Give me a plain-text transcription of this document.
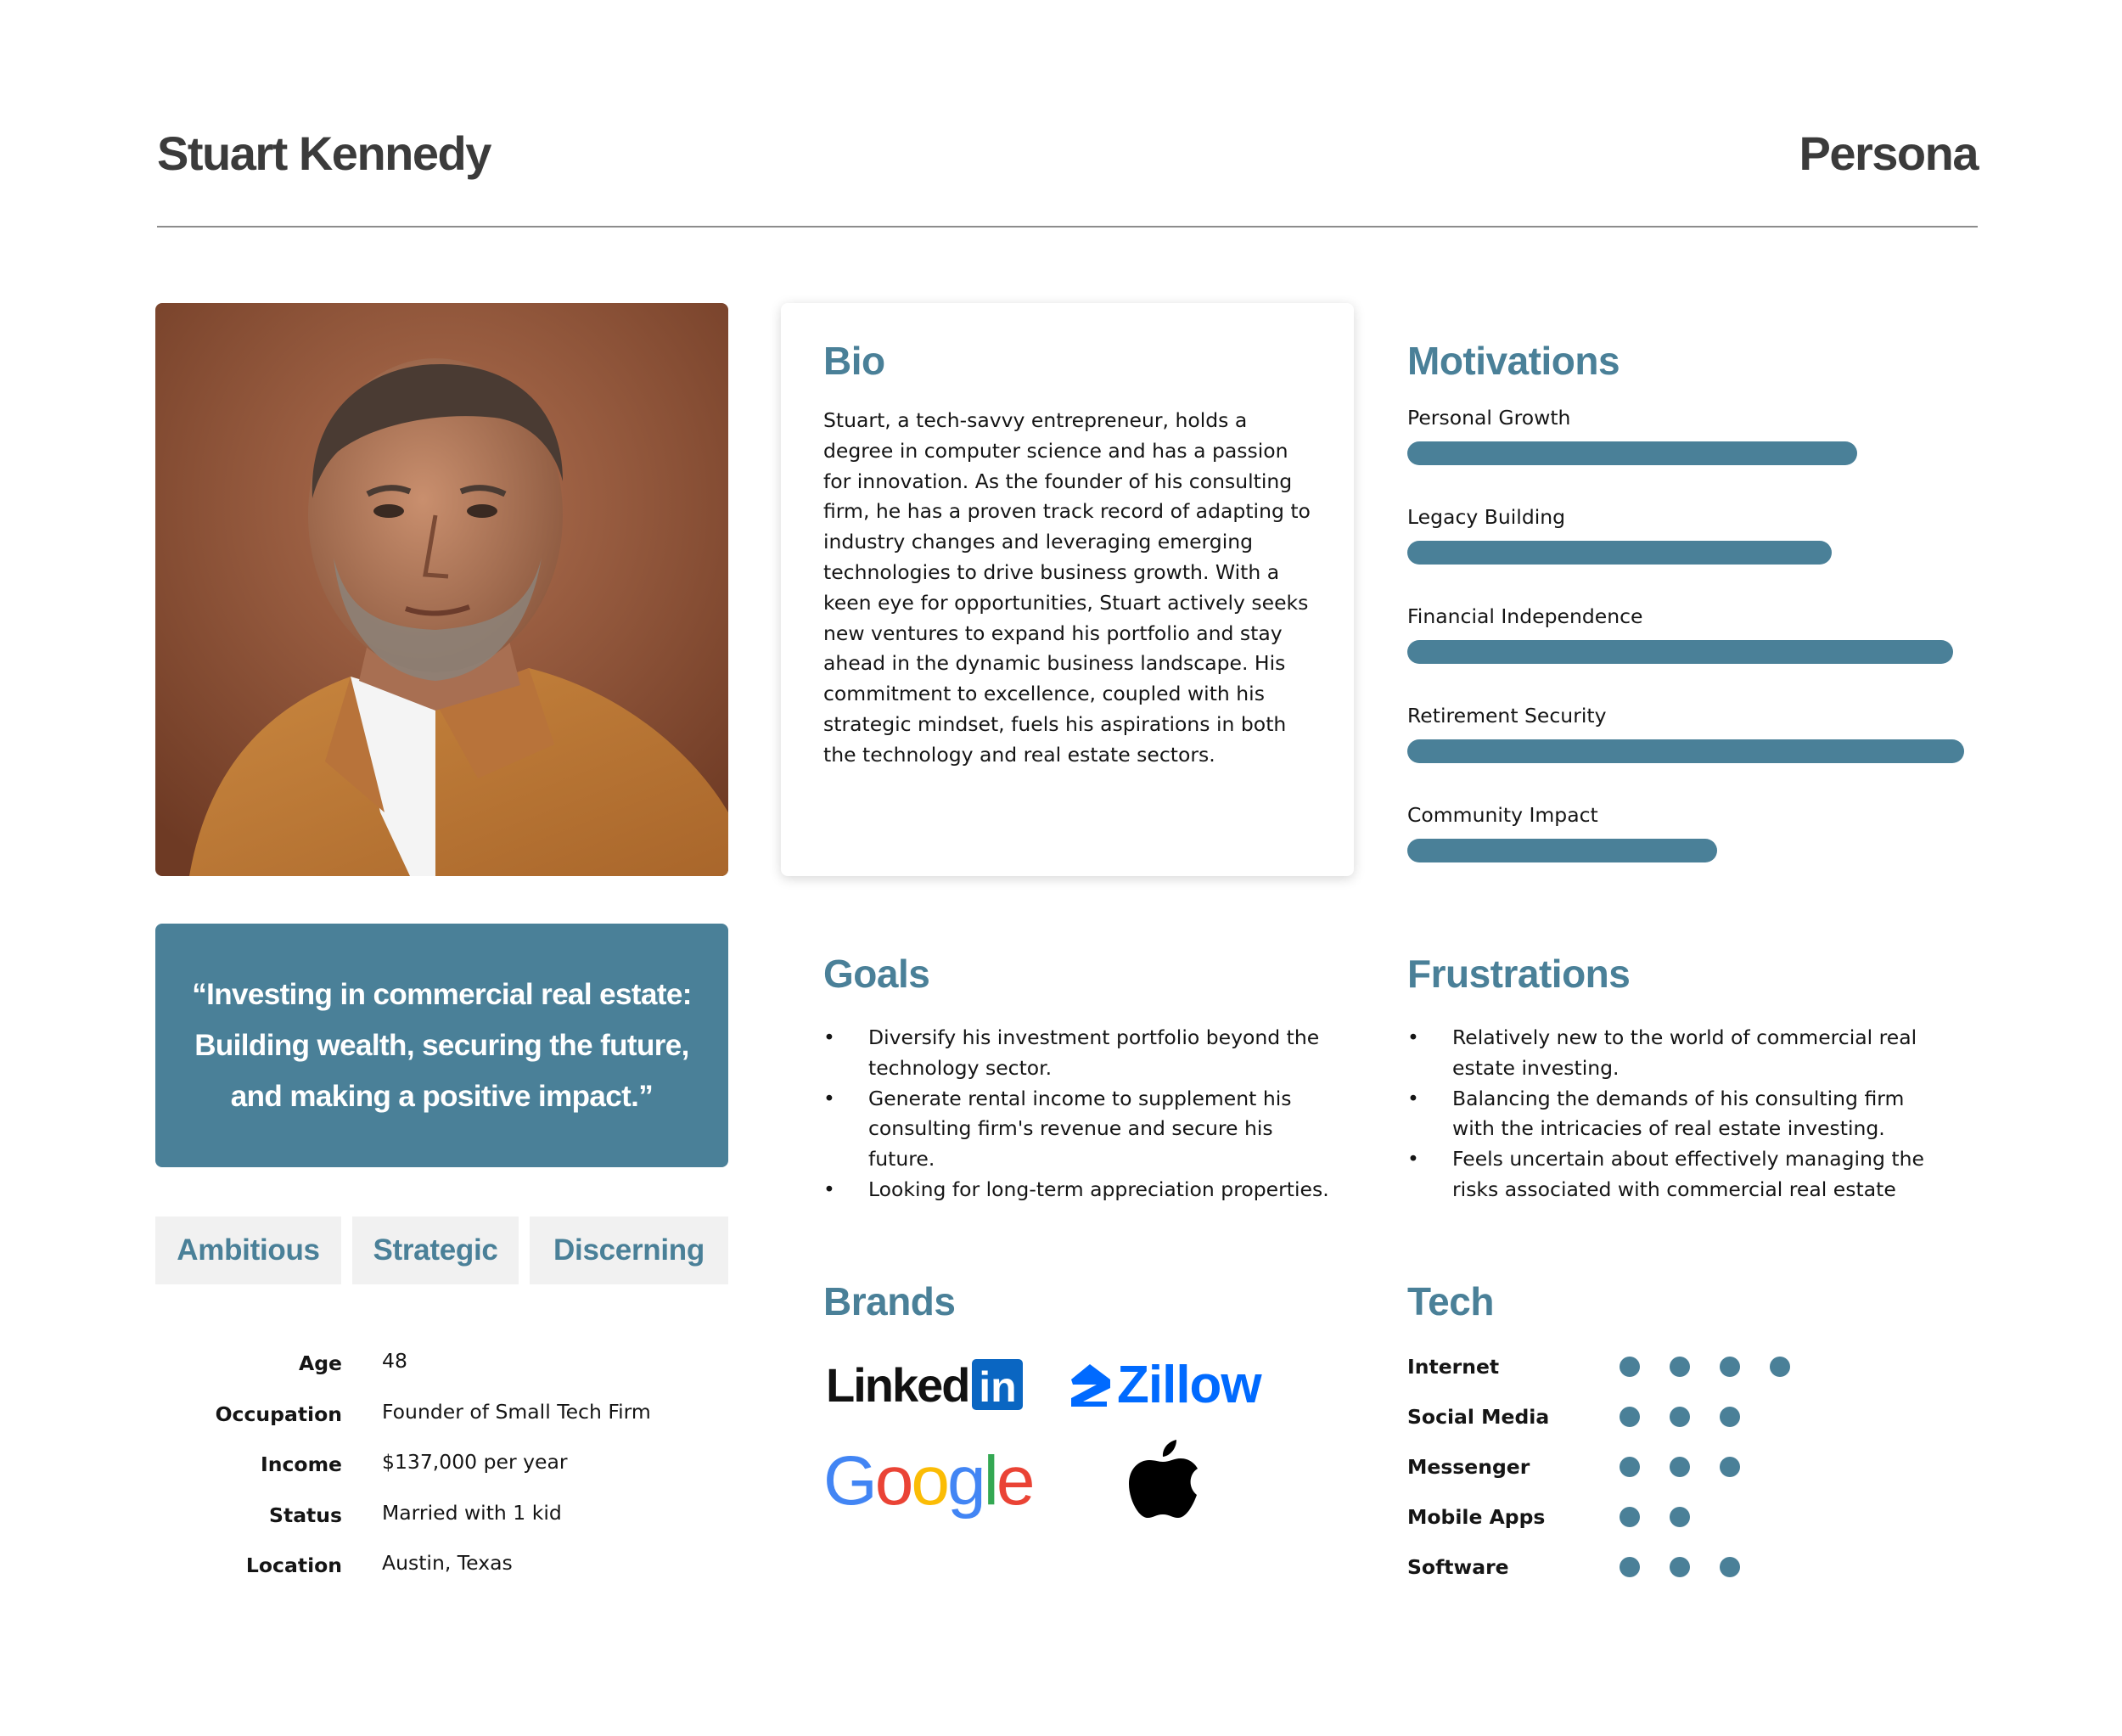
Stuart Kennedy	Persona
Bio
Stuart, a tech-savvy entrepreneur, holds a degree in computer science and has a passion for innovation. As the founder of his consulting firm, he has a proven track record of adapting to industry changes and leveraging emerging technologies to drive business growth. With a keen eye for opportunities, Stuart actively seeks new ventures to expand his portfolio and stay ahead in the dynamic business landscape. His commitment to excellence, coupled with his strategic mindset, fuels his aspirations in both the technology and real estate sectors.
Motivations
Personal Growth
Legacy Building
Financial Independence
Retirement Security
Community Impact
“Investing in commercial real estate: Building wealth, securing the future, and making a positive impact.”
Ambitious	Strategic	Discerning
Age 48
Occupation Founder of Small Tech Firm
Income $137,000 per year
Status Married with 1 kid
Location Austin, Texas
Goals
• Diversify his investment portfolio beyond the technology sector.
• Generate rental income to supplement his consulting firm's revenue and secure his future.
• Looking for long-term appreciation properties.
Frustrations
• Relatively new to the world of commercial real estate investing.
• Balancing the demands of his consulting firm with the intricacies of real estate investing.
• Feels uncertain about effectively managing the risks associated with commercial real estate
Brands
Linked in Zillow
Google
Tech
Internet
Social Media
Messenger
Mobile Apps
Software
